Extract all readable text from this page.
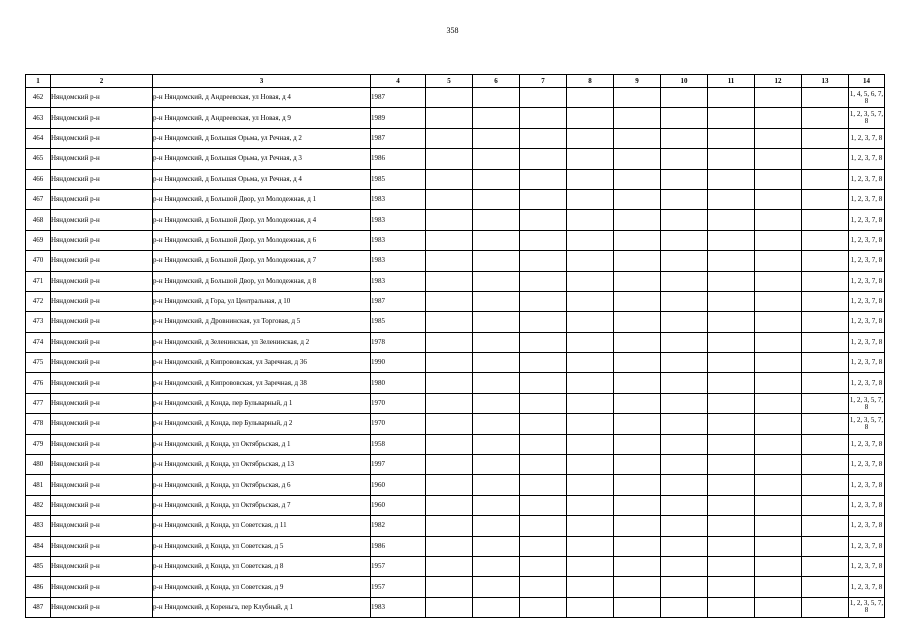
358
1	2	3	4	5	6	7	8	9	10	11	12	13	14
462	Няндомский р-н	р-н Няндомский, д Андреевская, ул Новая, д 4	1987										1, 4, 5, 6, 7, 8
463	Няндомский р-н	р-н Няндомский, д Андреевская, ул Новая, д 9	1989										1, 2, 3, 5, 7, 8
464	Няндомский р-н	р-н Няндомский, д Большая Орьма, ул Речная, д 2	1987										1, 2, 3, 7, 8
465	Няндомский р-н	р-н Няндомский, д Большая Орьма, ул Речная, д 3	1986										1, 2, 3, 7, 8
466	Няндомский р-н	р-н Няндомский, д Большая Орьма, ул Речная, д 4	1985										1, 2, 3, 7, 8
467	Няндомский р-н	р-н Няндомский, д Большой Двор, ул Молодежная, д 1	1983										1, 2, 3, 7, 8
468	Няндомский р-н	р-н Няндомский, д Большой Двор, ул Молодежная, д 4	1983										1, 2, 3, 7, 8
469	Няндомский р-н	р-н Няндомский, д Большой Двор, ул Молодежная, д 6	1983										1, 2, 3, 7, 8
470	Няндомский р-н	р-н Няндомский, д Большой Двор, ул Молодежная, д 7	1983										1, 2, 3, 7, 8
471	Няндомский р-н	р-н Няндомский, д Большой Двор, ул Молодежная, д 8	1983										1, 2, 3, 7, 8
472	Няндомский р-н	р-н Няндомский, д Гора, ул Центральная, д 10	1987										1, 2, 3, 7, 8
473	Няндомский р-н	р-н Няндомский, д Дровнинская, ул Торговая, д 5	1985										1, 2, 3, 7, 8
474	Няндомский р-н	р-н Няндомский, д Зеленинская, ул Зеленинская, д 2	1978										1, 2, 3, 7, 8
475	Няндомский р-н	р-н Няндомский, д Кипрововская, ул Заречная, д 36	1990										1, 2, 3, 7, 8
476	Няндомский р-н	р-н Няндомский, д Кипрововская, ул Заречная, д 38	1980										1, 2, 3, 7, 8
477	Няндомский р-н	р-н Няндомский, д Конда, пер Бульварный, д 1	1970										1, 2, 3, 5, 7, 8
478	Няндомский р-н	р-н Няндомский, д Конда, пер Бульварный, д 2	1970										1, 2, 3, 5, 7, 8
479	Няндомский р-н	р-н Няндомский, д Конда, ул Октябрьская, д 1	1958										1, 2, 3, 7, 8
480	Няндомский р-н	р-н Няндомский, д Конда, ул Октябрьская, д 13	1997										1, 2, 3, 7, 8
481	Няндомский р-н	р-н Няндомский, д Конда, ул Октябрьская, д 6	1960										1, 2, 3, 7, 8
482	Няндомский р-н	р-н Няндомский, д Конда, ул Октябрьская, д 7	1960										1, 2, 3, 7, 8
483	Няндомский р-н	р-н Няндомский, д Конда, ул Советская, д 11	1982										1, 2, 3, 7, 8
484	Няндомский р-н	р-н Няндомский, д Конда, ул Советская, д 5	1986										1, 2, 3, 7, 8
485	Няндомский р-н	р-н Няндомский, д Конда, ул Советская, д 8	1957										1, 2, 3, 7, 8
486	Няндомский р-н	р-н Няндомский, д Конда, ул Советская, д 9	1957										1, 2, 3, 7, 8
487	Няндомский р-н	р-н Няндомский, д Кореньга, пер Клубный, д 1	1983										1, 2, 3, 5, 7, 8
